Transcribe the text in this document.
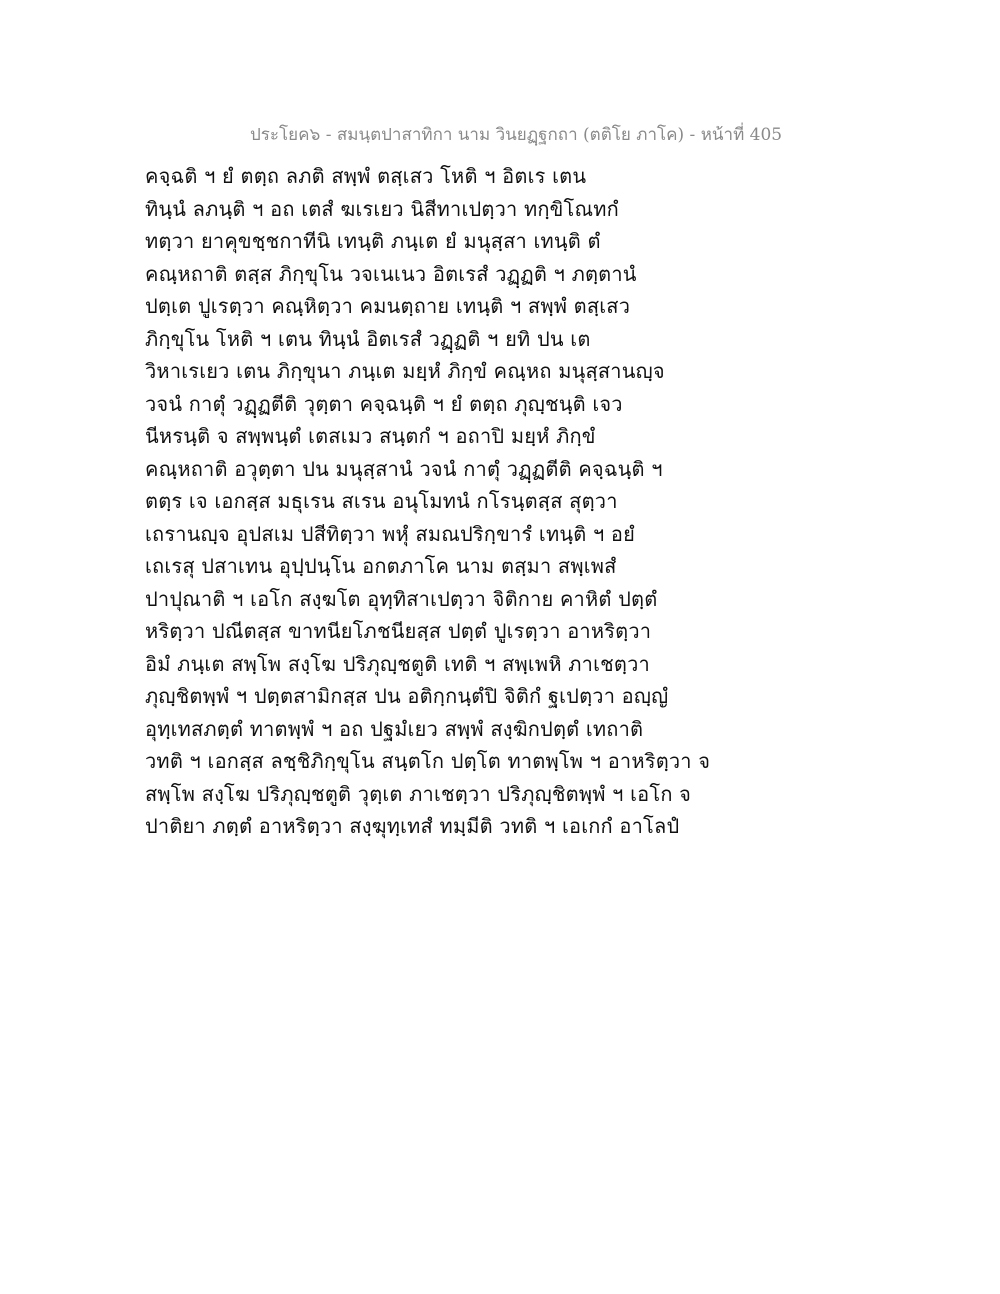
ประโยค๖ - สมนฺตปาสาทิกา นาม วินยฏฺฐกถา (ตติโย ภาโค) - หน้าที่ 405
คจฺฉติ ฯ ยํ ตตฺถ ลภติ สพฺพํ ตสฺเสว โหติ ฯ อิตเร เตน
ทินฺนํ ลภนฺติ ฯ อถ เตสํ ฆเรเยว นิสีทาเปตฺวา ทกฺขิโณทกํ
ทตฺวา ยาคุขชฺชกาทีนิ เทนฺติ ภนฺเต ยํ มนุสฺสา เทนฺติ ตํ
คณฺหถาติ ตสฺส ภิกฺขุโน วจเนเนว อิตเรสํ วฏฺฏติ ฯ ภตฺตานํ
ปตฺเต ปูเรตฺวา คณฺหิตฺวา คมนตฺถาย เทนฺติ ฯ สพฺพํ ตสฺเสว
ภิกฺขุโน โหติ ฯ เตน ทินฺนํ อิตเรสํ วฏฺฏติ ฯ ยทิ ปน เต
วิหาเรเยว เตน ภิกฺขุนา ภนฺเต มยฺหํ ภิกฺขํ คณฺหถ มนุสฺสานญฺจ
วจนํ กาตุํ วฏฺฏตีติ วุตฺตา คจฺฉนฺติ ฯ ยํ ตตฺถ ภุญฺชนฺติ เจว
นีหรนฺติ จ สพฺพนฺตํ เตสเมว สนฺตกํ ฯ อถาปิ มยฺหํ ภิกฺขํ
คณฺหถาติ อวุตฺตา ปน มนุสฺสานํ วจนํ กาตุํ วฏฺฏตีติ คจฺฉนฺติ ฯ
ตตฺร เจ เอกสฺส มธุเรน สเรน อนุโมทนํ กโรนฺตสฺส สุตฺวา
เถรานญฺจ อุปสเม ปสีทิตฺวา พหุํ สมณปริกฺขารํ เทนฺติ ฯ อยํ
เถเรสุ ปสาเทน อุปฺปนฺโน อกตภาโค นาม ตสฺมา สพฺเพสํ
ปาปุณาติ ฯ เอโก สงฺฆโต อุทฺทิสาเปตฺวา จิติกาย คาหิตํ ปตฺตํ
หริตฺวา ปณีตสฺส ขาทนียโภชนียสฺส ปตฺตํ ปูเรตฺวา อาหริตฺวา
อิมํ ภนฺเต สพฺโพ สงฺโฆ ปริภุญฺชตูติ เทติ ฯ สพฺเพหิ ภาเชตฺวา
ภุญฺชิตพฺพํ ฯ ปตฺตสามิกสฺส ปน อติกฺกนฺตํปิ จิติกํ ฐเปตฺวา อญฺญํ
อุทฺเทสภตฺตํ ทาตพฺพํ ฯ อถ ปฐมํเยว สพฺพํ สงฺฆิกปตฺตํ เทถาติ
วทติ ฯ เอกสฺส ลชฺชิภิกฺขุโน สนฺตโก ปตฺโต ทาตพฺโพ ฯ อาหริตฺวา จ
สพฺโพ สงฺโฆ ปริภุญฺชตูติ วุตฺเต ภาเชตฺวา ปริภุญฺชิตพฺพํ ฯ เอโก จ
ปาติยา ภตฺตํ อาหริตฺวา สงฺฆุทฺเทสํ ทมฺมีติ วทติ ฯ เอเกกํ อาโลปํ
